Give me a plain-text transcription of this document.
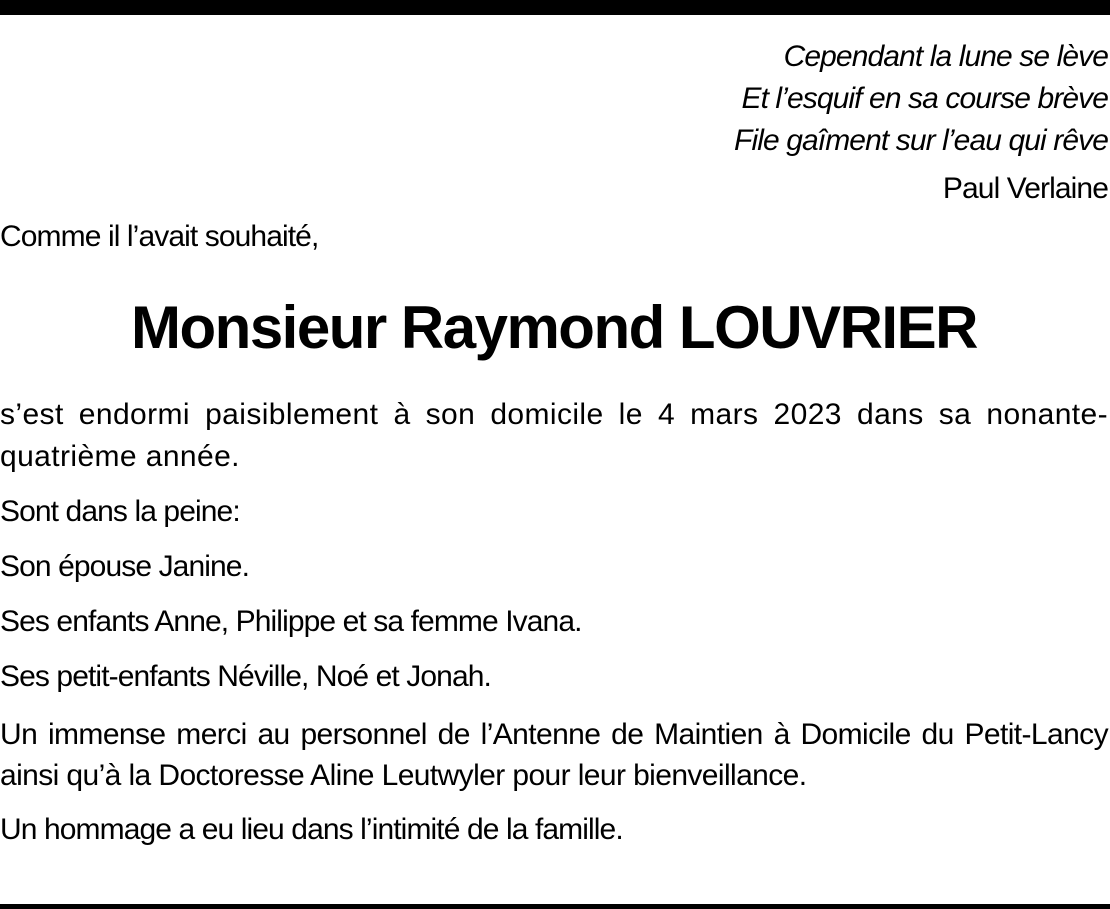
Cependant la lune se lève
Et l’esquif en sa course brève
File gaîment sur l’eau qui rêve

Paul Verlaine

Comme il l’avait souhaité,

Monsieur Raymond LOUVRIER

s’est endormi paisiblement à son domicile le 4 mars 2023 dans sa nonante-quatrième année.

Sont dans la peine:

Son épouse Janine.

Ses enfants Anne, Philippe et sa femme Ivana.

Ses petit-enfants Néville, Noé et Jonah.

Un immense merci au personnel de l’Antenne de Maintien à Domicile du Petit-Lancy ainsi qu’à la Doctoresse Aline Leutwyler pour leur bienveillance.

Un hommage a eu lieu dans l’intimité de la famille.
